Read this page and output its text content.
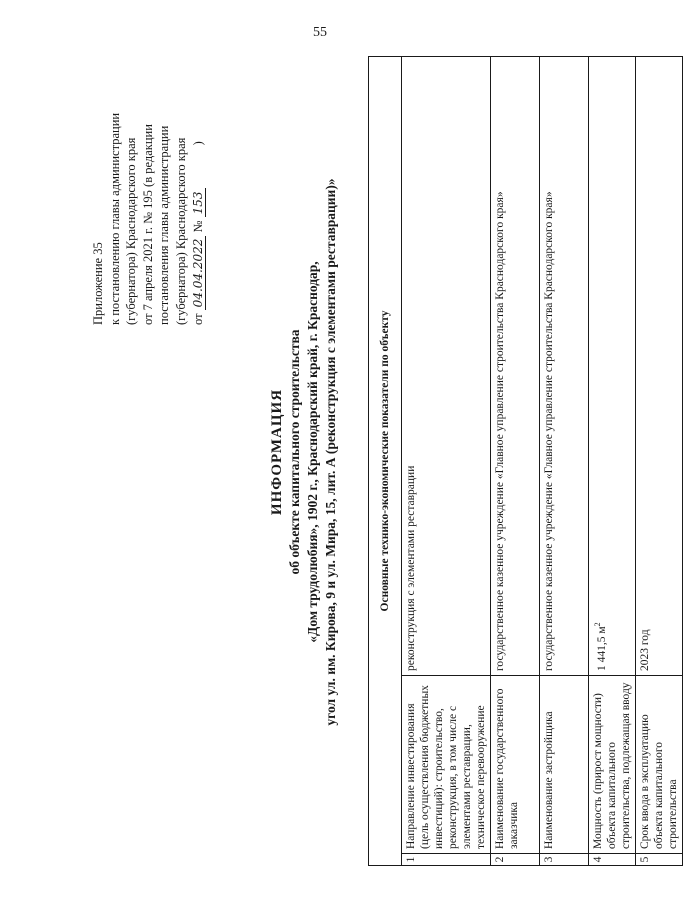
55
Приложение 35 к постановлению главы администрации (губернатора) Краснодарского края от 7 апреля 2021 г. № 195 (в редакции постановления главы администрации (губернатора) Краснодарского края от 04.04.2022 № 153 )
ИНФОРМАЦИЯ об объекте капитального строительства «Дом трудолюбия», 1902 г., Краснодарский край, г. Краснодар, угол ул. им. Кирова, 9 и ул. Мира, 15, лит. А (реконструкция с элементами реставрации)»	Основные технико-экономические показатели по объекту		
1	Направление инвестирования (цель осуществления бюджетных инвестиций): строительство, реконструкция, в том числе с элементами реставрации, техническое перевооружение	реконструкция с элементами реставрации
2	Наименование государственного заказчика	государственное казенное учреждение «Главное управление строительства Краснодарского края»
3	Наименование застройщика	государственное казенное учреждение «Главное управление строительства Краснодарского края»
4	Мощность (прирост мощности) объекта капитального строительства, подлежащая вводу	1 441,5 $м^2$
5	Срок ввода в эксплуатацию объекта капитального строительства	2023 год
